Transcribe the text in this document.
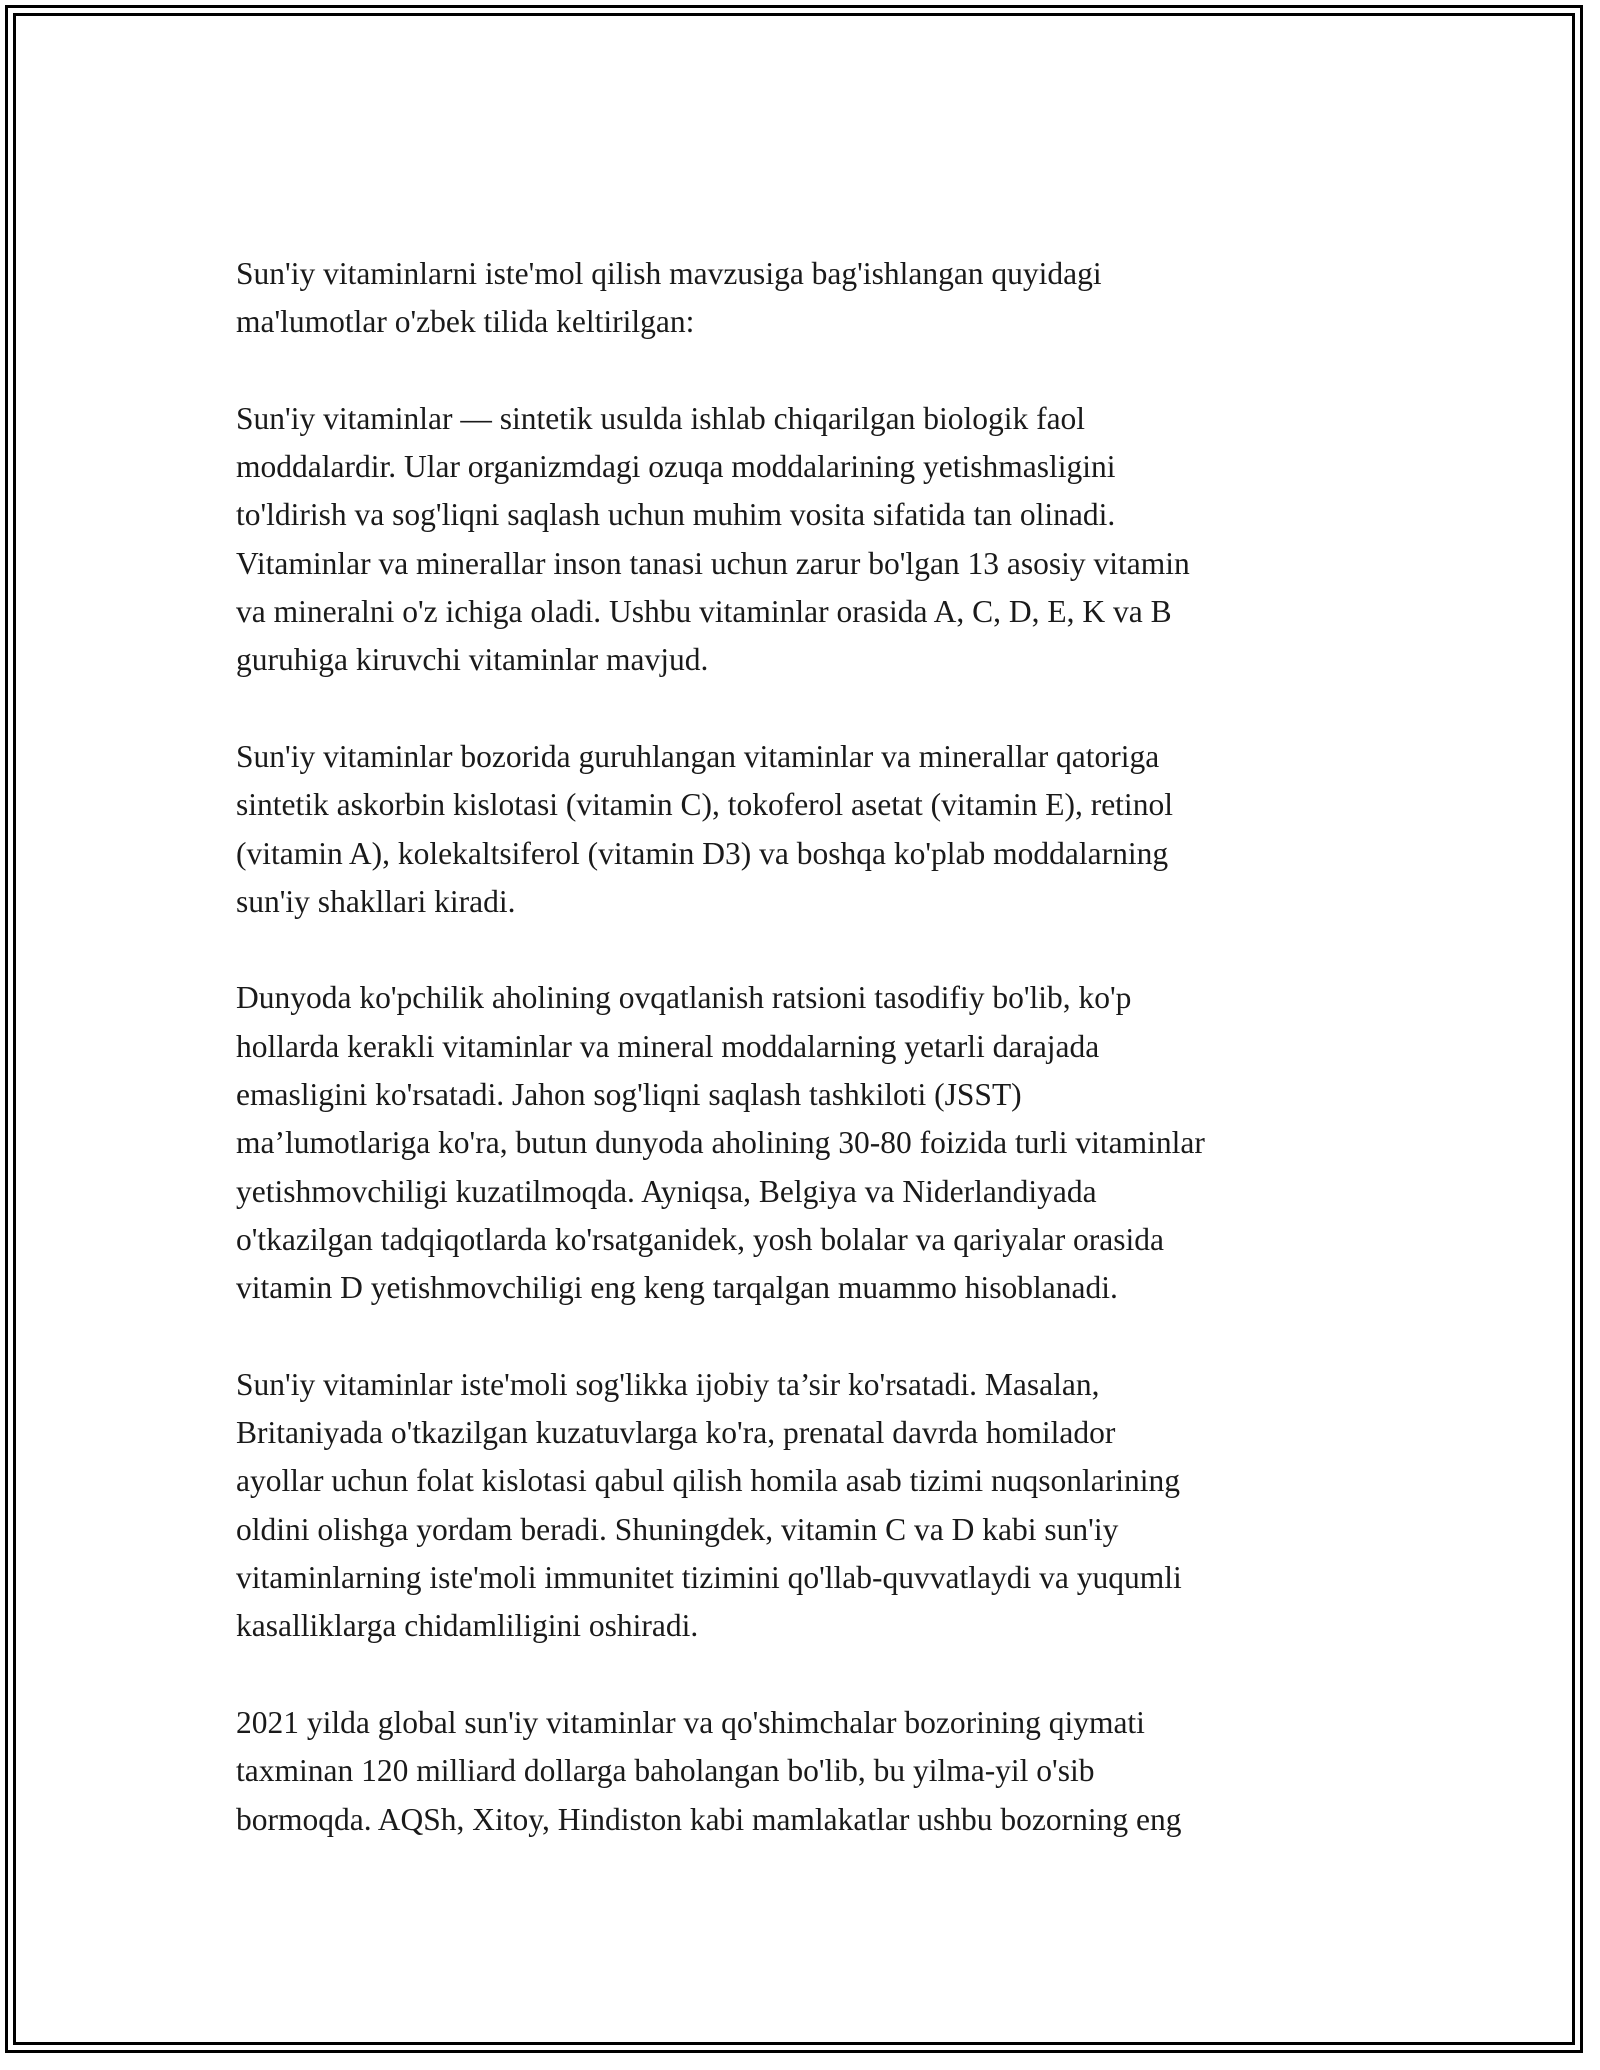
Sun'iy vitaminlarni iste'mol qilish mavzusiga bag'ishlangan quyidagi
ma'lumotlar o'zbek tilida keltirilgan:

Sun'iy vitaminlar — sintetik usulda ishlab chiqarilgan biologik faol
moddalardir. Ular organizmdagi ozuqa moddalarining yetishmasligini
to'ldirish va sog'liqni saqlash uchun muhim vosita sifatida tan olinadi.
Vitaminlar va minerallar inson tanasi uchun zarur bo'lgan 13 asosiy vitamin
va mineralni o'z ichiga oladi. Ushbu vitaminlar orasida A, C, D, E, K va B
guruhiga kiruvchi vitaminlar mavjud.

Sun'iy vitaminlar bozorida guruhlangan vitaminlar va minerallar qatoriga
sintetik askorbin kislotasi (vitamin C), tokoferol asetat (vitamin E), retinol
(vitamin A), kolekaltsiferol (vitamin D3) va boshqa ko'plab moddalarning
sun'iy shakllari kiradi.

Dunyoda ko'pchilik aholining ovqatlanish ratsioni tasodifiy bo'lib, ko'p
hollarda kerakli vitaminlar va mineral moddalarning yetarli darajada
emasligini ko'rsatadi. Jahon sog'liqni saqlash tashkiloti (JSST)
ma’lumotlariga ko'ra, butun dunyoda aholining 30-80 foizida turli vitaminlar
yetishmovchiligi kuzatilmoqda. Ayniqsa, Belgiya va Niderlandiyada
o'tkazilgan tadqiqotlarda ko'rsatganidek, yosh bolalar va qariyalar orasida
vitamin D yetishmovchiligi eng keng tarqalgan muammo hisoblanadi.

Sun'iy vitaminlar iste'moli sog'likka ijobiy ta’sir ko'rsatadi. Masalan,
Britaniyada o'tkazilgan kuzatuvlarga ko'ra, prenatal davrda homilador
ayollar uchun folat kislotasi qabul qilish homila asab tizimi nuqsonlarining
oldini olishga yordam beradi. Shuningdek, vitamin C va D kabi sun'iy
vitaminlarning iste'moli immunitet tizimini qo'llab-quvvatlaydi va yuqumli
kasalliklarga chidamliligini oshiradi.

2021 yilda global sun'iy vitaminlar va qo'shimchalar bozorining qiymati
taxminan 120 milliard dollarga baholangan bo'lib, bu yilma-yil o'sib
bormoqda. AQSh, Xitoy, Hindiston kabi mamlakatlar ushbu bozorning eng
